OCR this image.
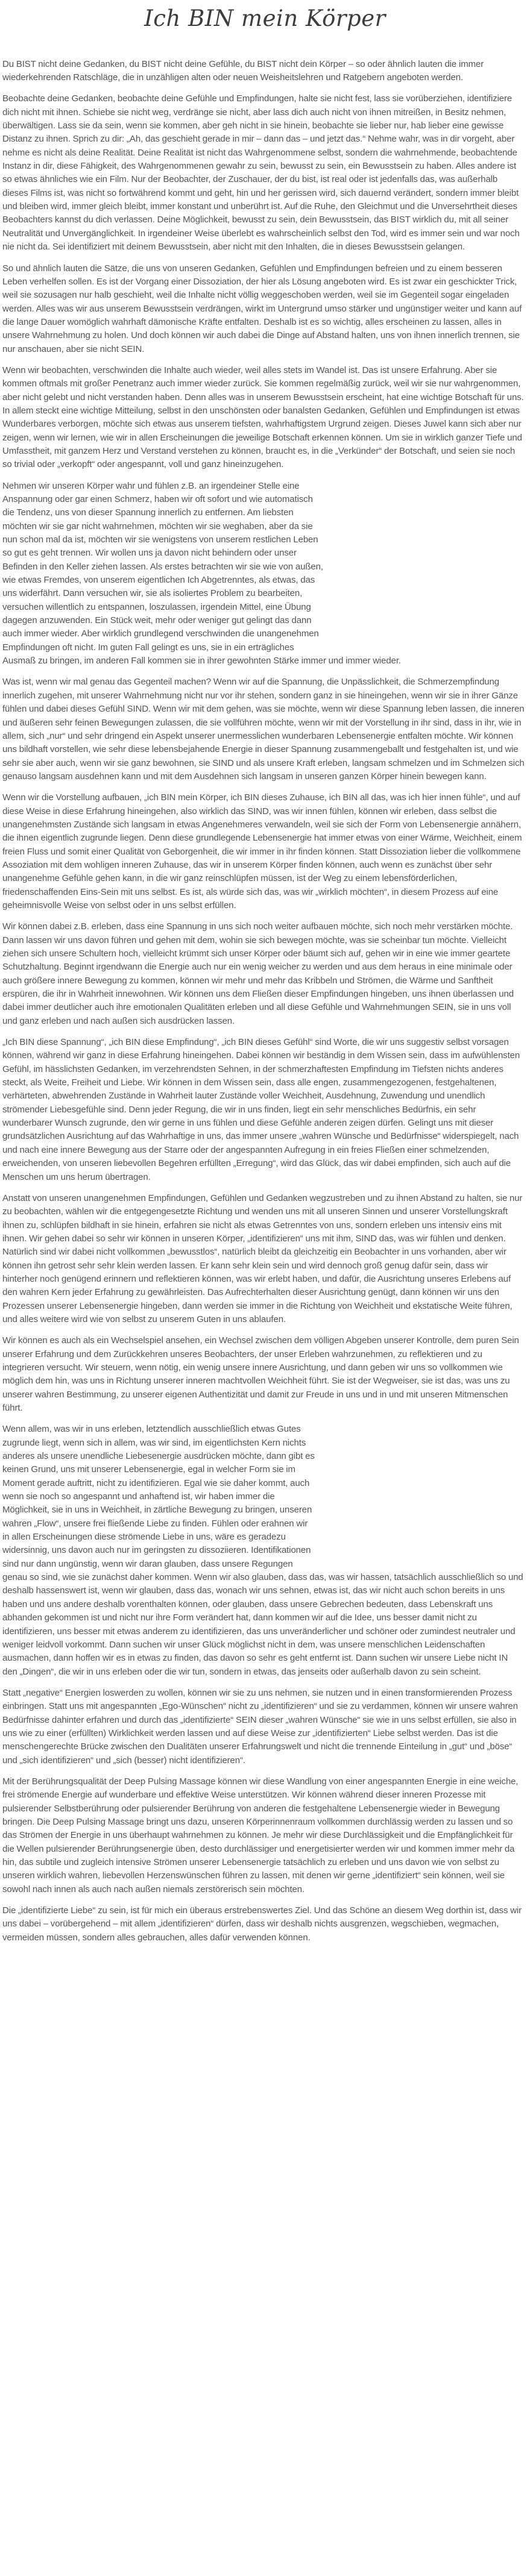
Ich BIN mein Körper

Du BIST nicht deine Gedanken, du BIST nicht deine Gefühle, du BIST nicht dein Körper – so oder ähnlich lauten die immer wiederkehrenden Ratschläge, die in unzähligen alten oder neuen Weisheitslehren und Ratgebern angeboten werden.

Beobachte deine Gedanken, beobachte deine Gefühle und Empfindungen, halte sie nicht fest, lass sie vorüberziehen, identifiziere dich nicht mit ihnen. Schiebe sie nicht weg, verdränge sie nicht, aber lass dich auch nicht von ihnen mitreißen, in Besitz nehmen, überwältigen. Lass sie da sein, wenn sie kommen, aber geh nicht in sie hinein, beobachte sie lieber nur, hab lieber eine gewisse Distanz zu ihnen. Sprich zu dir: „Ah, das geschieht gerade in mir – dann das – und jetzt das.“ Nehme wahr, was in dir vorgeht, aber nehme es nicht als deine Realität. Deine Realität ist nicht das Wahrgenommene selbst, sondern die wahrnehmende, beobachtende Instanz in dir, diese Fähigkeit, des Wahrgenommenen gewahr zu sein, bewusst zu sein, ein Bewusstsein zu haben. Alles andere ist so etwas ähnliches wie ein Film. Nur der Beobachter, der Zuschauer, der du bist, ist real oder ist jedenfalls das, was außerhalb dieses Films ist, was nicht so fortwährend kommt und geht, hin und her gerissen wird, sich dauernd verändert, sondern immer bleibt und bleiben wird, immer gleich bleibt, immer konstant und unberührt ist. Auf die Ruhe, den Gleichmut und die Unversehrtheit dieses Beobachters kannst du dich verlassen. Deine Möglichkeit, bewusst zu sein, dein Bewusstsein, das BIST wirklich du, mit all seiner Neutralität und Unvergänglichkeit. In irgendeiner Weise überlebt es wahrscheinlich selbst den Tod, wird es immer sein und war noch nie nicht da. Sei identifiziert mit deinem Bewusstsein, aber nicht mit den Inhalten, die in dieses Bewusstsein gelangen.

So und ähnlich lauten die Sätze, die uns von unseren Gedanken, Gefühlen und Empfindungen befreien und zu einem besseren Leben verhelfen sollen. Es ist der Vorgang einer Dissoziation, der hier als Lösung angeboten wird. Es ist zwar ein geschickter Trick, weil sie sozusagen nur halb geschieht, weil die Inhalte nicht völlig weggeschoben werden, weil sie im Gegenteil sogar eingeladen werden. Alles was wir aus unserem Bewusstsein verdrängen, wirkt im Untergrund umso stärker und ungünstiger weiter und kann auf die lange Dauer womöglich wahrhaft dämonische Kräfte entfalten. Deshalb ist es so wichtig, alles erscheinen zu lassen, alles in unsere Wahrnehmung zu holen. Und doch können wir auch dabei die Dinge auf Abstand halten, uns von ihnen innerlich trennen, sie nur anschauen, aber sie nicht SEIN.

Wenn wir beobachten, verschwinden die Inhalte auch wieder, weil alles stets im Wandel ist. Das ist unsere Erfahrung. Aber sie kommen oftmals mit großer Penetranz auch immer wieder zurück. Sie kommen regelmäßig zurück, weil wir sie nur wahrgenommen, aber nicht gelebt und nicht verstanden haben. Denn alles was in unserem Bewusstsein erscheint, hat eine wichtige Botschaft für uns. In allem steckt eine wichtige Mitteilung, selbst in den unschönsten oder banalsten Gedanken, Gefühlen und Empfindungen ist etwas Wunderbares verborgen, möchte sich etwas aus unserem tiefsten, wahrhaftigstem Urgrund zeigen. Dieses Juwel kann sich aber nur zeigen, wenn wir lernen, wie wir in allen Erscheinungen die jeweilige Botschaft erkennen können. Um sie in wirklich ganzer Tiefe und Umfasstheit, mit ganzem Herz und Verstand verstehen zu können, braucht es, in die „Verkünder“ der Botschaft, und seien sie noch so trivial oder „verkopft“ oder angespannt, voll und ganz hineinzugehen.

Nehmen wir unseren Körper wahr und fühlen z.B. an irgendeiner Stelle eine Anspannung oder gar einen Schmerz, haben wir oft sofort und wie automatisch die Tendenz, uns von dieser Spannung innerlich zu entfernen. Am liebsten möchten wir sie gar nicht wahrnehmen, möchten wir sie weghaben, aber da sie nun schon mal da ist, möchten wir sie wenigstens von unserem restlichen Leben so gut es geht trennen. Wir wollen uns ja davon nicht behindern oder unser Befinden in den Keller ziehen lassen. Als erstes betrachten wir sie wie von außen, wie etwas Fremdes, von unserem eigentlichen Ich Abgetrenntes, als etwas, das uns widerfährt. Dann versuchen wir, sie als isoliertes Problem zu bearbeiten, versuchen willentlich zu entspannen, loszulassen, irgendein Mittel, eine Übung dagegen anzuwenden. Ein Stück weit, mehr oder weniger gut gelingt das dann auch immer wieder. Aber wirklich grundlegend verschwinden die unangenehmen Empfindungen oft nicht. Im guten Fall gelingt es uns, sie in ein erträgliches Ausmaß zu bringen, im anderen Fall kommen sie in ihrer gewohnten Stärke immer und immer wieder.

Was ist, wenn wir mal genau das Gegenteil machen? Wenn wir auf die Spannung, die Unpässlichkeit, die Schmerzempfindung innerlich zugehen, mit unserer Wahrnehmung nicht nur vor ihr stehen, sondern ganz in sie hineingehen, wenn wir sie in ihrer Gänze fühlen und dabei dieses Gefühl SIND. Wenn wir mit dem gehen, was sie möchte, wenn wir diese Spannung leben lassen, die inneren und äußeren sehr feinen Bewegungen zulassen, die sie vollführen möchte, wenn wir mit der Vorstellung in ihr sind, dass in ihr, wie in allem, sich „nur“ und sehr dringend ein Aspekt unserer unermesslichen wunderbaren Lebensenergie entfalten möchte. Wir können uns bildhaft vorstellen, wie sehr diese lebensbejahende Energie in dieser Spannung zusammengeballt und festgehalten ist, und wie sehr sie aber auch, wenn wir sie ganz bewohnen, sie SIND und als unsere Kraft erleben, langsam schmelzen und im Schmelzen sich genauso langsam ausdehnen kann und mit dem Ausdehnen sich langsam in unseren ganzen Körper hinein bewegen kann.

Wenn wir die Vorstellung aufbauen, „ich BIN mein Körper, ich BIN dieses Zuhause, ich BIN all das, was ich hier innen fühle“, und auf diese Weise in diese Erfahrung hineingehen, also wirklich das SIND, was wir innen fühlen, können wir erleben, dass selbst die unangenehmsten Zustände sich langsam in etwas Angenehmeres verwandeln, weil sie sich der Form von Lebensenergie annähern, die ihnen eigentlich zugrunde liegen. Denn diese grundlegende Lebensenergie hat immer etwas von einer Wärme, Weichheit, einem freien Fluss und somit einer Qualität von Geborgenheit, die wir immer in ihr finden können. Statt Dissoziation lieber die vollkommene Assoziation mit dem wohligen inneren Zuhause, das wir in unserem Körper finden können, auch wenn es zunächst über sehr unangenehme Gefühle gehen kann, in die wir ganz reinschlüpfen müssen, ist der Weg zu einem lebensförderlichen, friedenschaffenden Eins-Sein mit uns selbst. Es ist, als würde sich das, was wir „wirklich möchten“, in diesem Prozess auf eine geheimnisvolle Weise von selbst oder in uns selbst erfüllen.

Wir können dabei z.B. erleben, dass eine Spannung in uns sich noch weiter aufbauen möchte, sich noch mehr verstärken möchte. Dann lassen wir uns davon führen und gehen mit dem, wohin sie sich bewegen möchte, was sie scheinbar tun möchte. Vielleicht ziehen sich unsere Schultern hoch, vielleicht krümmt sich unser Körper oder bäumt sich auf, gehen wir in eine wie immer geartete Schutzhaltung. Beginnt irgendwann die Energie auch nur ein wenig weicher zu werden und aus dem heraus in eine minimale oder auch größere innere Bewegung zu kommen, können wir mehr und mehr das Kribbeln und Strömen, die Wärme und Sanftheit erspüren, die ihr in Wahrheit innewohnen. Wir können uns dem Fließen dieser Empfindungen hingeben, uns ihnen überlassen und dabei immer deutlicher auch ihre emotionalen Qualitäten erleben und all diese Gefühle und Wahrnehmungen SEIN, sie in uns voll und ganz erleben und nach außen sich ausdrücken lassen.

„Ich BIN diese Spannung“, „ich BIN diese Empfindung“, „ich BIN dieses Gefühl“ sind Worte, die wir uns suggestiv selbst vorsagen können, während wir ganz in diese Erfahrung hineingehen. Dabei können wir beständig in dem Wissen sein, dass im aufwühlensten Gefühl, im hässlichsten Gedanken, im verzehrendsten Sehnen, in der schmerzhaftesten Empfindung im Tiefsten nichts anderes steckt, als Weite, Freiheit und Liebe. Wir können in dem Wissen sein, dass alle engen, zusammengezogenen, festgehaltenen, verhärteten, abwehrenden Zustände in Wahrheit lauter Zustände voller Weichheit, Ausdehnung, Zuwendung und unendlich strömender Liebesgefühle sind. Denn jeder Regung, die wir in uns finden, liegt ein sehr menschliches Bedürfnis, ein sehr wunderbarer Wunsch zugrunde, den wir gerne in uns fühlen und diese Gefühle anderen zeigen dürfen. Gelingt uns mit dieser grundsätzlichen Ausrichtung auf das Wahrhaftige in uns, das immer unsere „wahren Wünsche und Bedürfnisse“ widerspiegelt, nach und nach eine innere Bewegung aus der Starre oder der angespannten Aufregung in ein freies Fließen einer schmelzenden, erweichenden, von unseren liebevollen Begehren erfüllten „Erregung“, wird das Glück, das wir dabei empfinden, sich auch auf die Menschen um uns herum übertragen.

Anstatt von unseren unangenehmen Empfindungen, Gefühlen und Gedanken wegzustreben und zu ihnen Abstand zu halten, sie nur zu beobachten, wählen wir die entgegengesetzte Richtung und wenden uns mit all unseren Sinnen und unserer Vorstellungskraft ihnen zu, schlüpfen bildhaft in sie hinein, erfahren sie nicht als etwas Getrenntes von uns, sondern erleben uns intensiv eins mit ihnen. Wir gehen dabei so sehr wir können in unseren Körper, „identifizieren“ uns mit ihm, SIND das, was wir fühlen und denken. Natürlich sind wir dabei nicht vollkommen „bewusstlos“, natürlich bleibt da gleichzeitig ein Beobachter in uns vorhanden, aber wir können ihn getrost sehr sehr klein werden lassen. Er kann sehr klein sein und wird dennoch groß genug dafür sein, dass wir hinterher noch genügend erinnern und reflektieren können, was wir erlebt haben, und dafür, die Ausrichtung unseres Erlebens auf den wahren Kern jeder Erfahrung zu gewährleisten. Das Aufrechterhalten dieser Ausrichtung genügt, dann können wir uns den Prozessen unserer Lebensenergie hingeben, dann werden sie immer in die Richtung von Weichheit und ekstatische Weite führen, und alles weitere wird wie von selbst zu unserem Guten in uns ablaufen.

Wir können es auch als ein Wechselspiel ansehen, ein Wechsel zwischen dem völligen Abgeben unserer Kontrolle, dem puren Sein unserer Erfahrung und dem Zurückkehren unseres Beobachters, der unser Erleben wahrzunehmen, zu reflektieren und zu integrieren versucht. Wir steuern, wenn nötig, ein wenig unsere innere Ausrichtung, und dann geben wir uns so vollkommen wie möglich dem hin, was uns in Richtung unserer inneren machtvollen Weichheit führt. Sie ist der Wegweiser, sie ist das, was uns zu unserer wahren Bestimmung, zu unserer eigenen Authentizität und damit zur Freude in uns und in und mit unseren Mitmenschen führt.

Wenn allem, was wir in uns erleben, letztendlich ausschließlich etwas Gutes zugrunde liegt, wenn sich in allem, was wir sind, im eigentlichsten Kern nichts anderes als unsere unendliche Liebesenergie ausdrücken möchte, dann gibt es keinen Grund, uns mit unserer Lebensenergie, egal in welcher Form sie im Moment gerade auftritt, nicht zu identifizieren. Egal wie sie daher kommt, auch wenn sie noch so angespannt und anhaftend ist, wir haben immer die Möglichkeit, sie in uns in Weichheit, in zärtliche Bewegung zu bringen, unseren wahren „Flow“, unsere frei fließende Liebe zu finden. Fühlen oder erahnen wir in allen Erscheinungen diese strömende Liebe in uns, wäre es geradezu widersinnig, uns davon auch nur im geringsten zu dissoziieren. Identifikationen sind nur dann ungünstig, wenn wir daran glauben, dass unsere Regungen genau so sind, wie sie zunächst daher kommen. Wenn wir also glauben, dass das, was wir hassen, tatsächlich ausschließlich so und deshalb hassenswert ist, wenn wir glauben, dass das, wonach wir uns sehnen, etwas ist, das wir nicht auch schon bereits in uns haben und uns andere deshalb vorenthalten können, oder glauben, dass unsere Gebrechen bedeuten, dass Lebenskraft uns abhanden gekommen ist und nicht nur ihre Form verändert hat, dann kommen wir auf die Idee, uns besser damit nicht zu identifizieren, uns besser mit etwas anderem zu identifizieren, das uns unveränderlicher und schöner oder zumindest neutraler und weniger leidvoll vorkommt. Dann suchen wir unser Glück möglichst nicht in dem, was unsere menschlichen Leidenschaften ausmachen, dann hoffen wir es in etwas zu finden, das davon so sehr es geht entfernt ist. Dann suchen wir unsere Liebe nicht IN den „Dingen“, die wir in uns erleben oder die wir tun, sondern in etwas, das jenseits oder außerhalb davon zu sein scheint.

Statt „negative“ Energien loswerden zu wollen, können wir sie zu uns nehmen, sie nutzen und in einen transformierenden Prozess einbringen. Statt uns mit angespannten „Ego-Wünschen“ nicht zu „identifizieren“ und sie zu verdammen, können wir unsere wahren Bedürfnisse dahinter erfahren und durch das „identifizierte“ SEIN dieser „wahren Wünsche“ sie wie in uns selbst erfüllen, sie also in uns wie zu einer (erfüllten) Wirklichkeit werden lassen und auf diese Weise zur „identifizierten“ Liebe selbst werden. Das ist die menschengerechte Brücke zwischen den Dualitäten unserer Erfahrungswelt und nicht die trennende Einteilung in „gut“ und „böse“ und „sich identifizieren“ und „sich (besser) nicht identifizieren“.

Mit der Berührungsqualität der Deep Pulsing Massage können wir diese Wandlung von einer angespannten Energie in eine weiche, frei strömende Energie auf wunderbare und effektive Weise unterstützen. Wir können während dieser inneren Prozesse mit pulsierender Selbstberührung oder pulsierender Berührung von anderen die festgehaltene Lebensenergie wieder in Bewegung bringen. Die Deep Pulsing Massage bringt uns dazu, unseren Körperinnenraum vollkommen durchlässig werden zu lassen und so das Strömen der Energie in uns überhaupt wahrnehmen zu können. Je mehr wir diese Durchlässigkeit und die Empfänglichkeit für die Wellen pulsierender Berührungsenergie üben, desto durchlässiger und energetisierter werden wir und kommen immer mehr da hin, das subtile und zugleich intensive Strömen unserer Lebensenergie tatsächlich zu erleben und uns davon wie von selbst zu unseren wirklich wahren, liebevollen Herzenswünschen führen zu lassen, mit denen wir gerne „identifiziert“ sein können, weil sie sowohl nach innen als auch nach außen niemals zerstörerisch sein möchten.

Die „identifizierte Liebe“ zu sein, ist für mich ein überaus erstrebenswertes Ziel. Und das Schöne an diesem Weg dorthin ist, dass wir uns dabei – vorübergehend – mit allem „identifizieren“ dürfen, dass wir deshalb nichts ausgrenzen, wegschieben, wegmachen, vermeiden müssen, sondern alles gebrauchen, alles dafür verwenden können.
